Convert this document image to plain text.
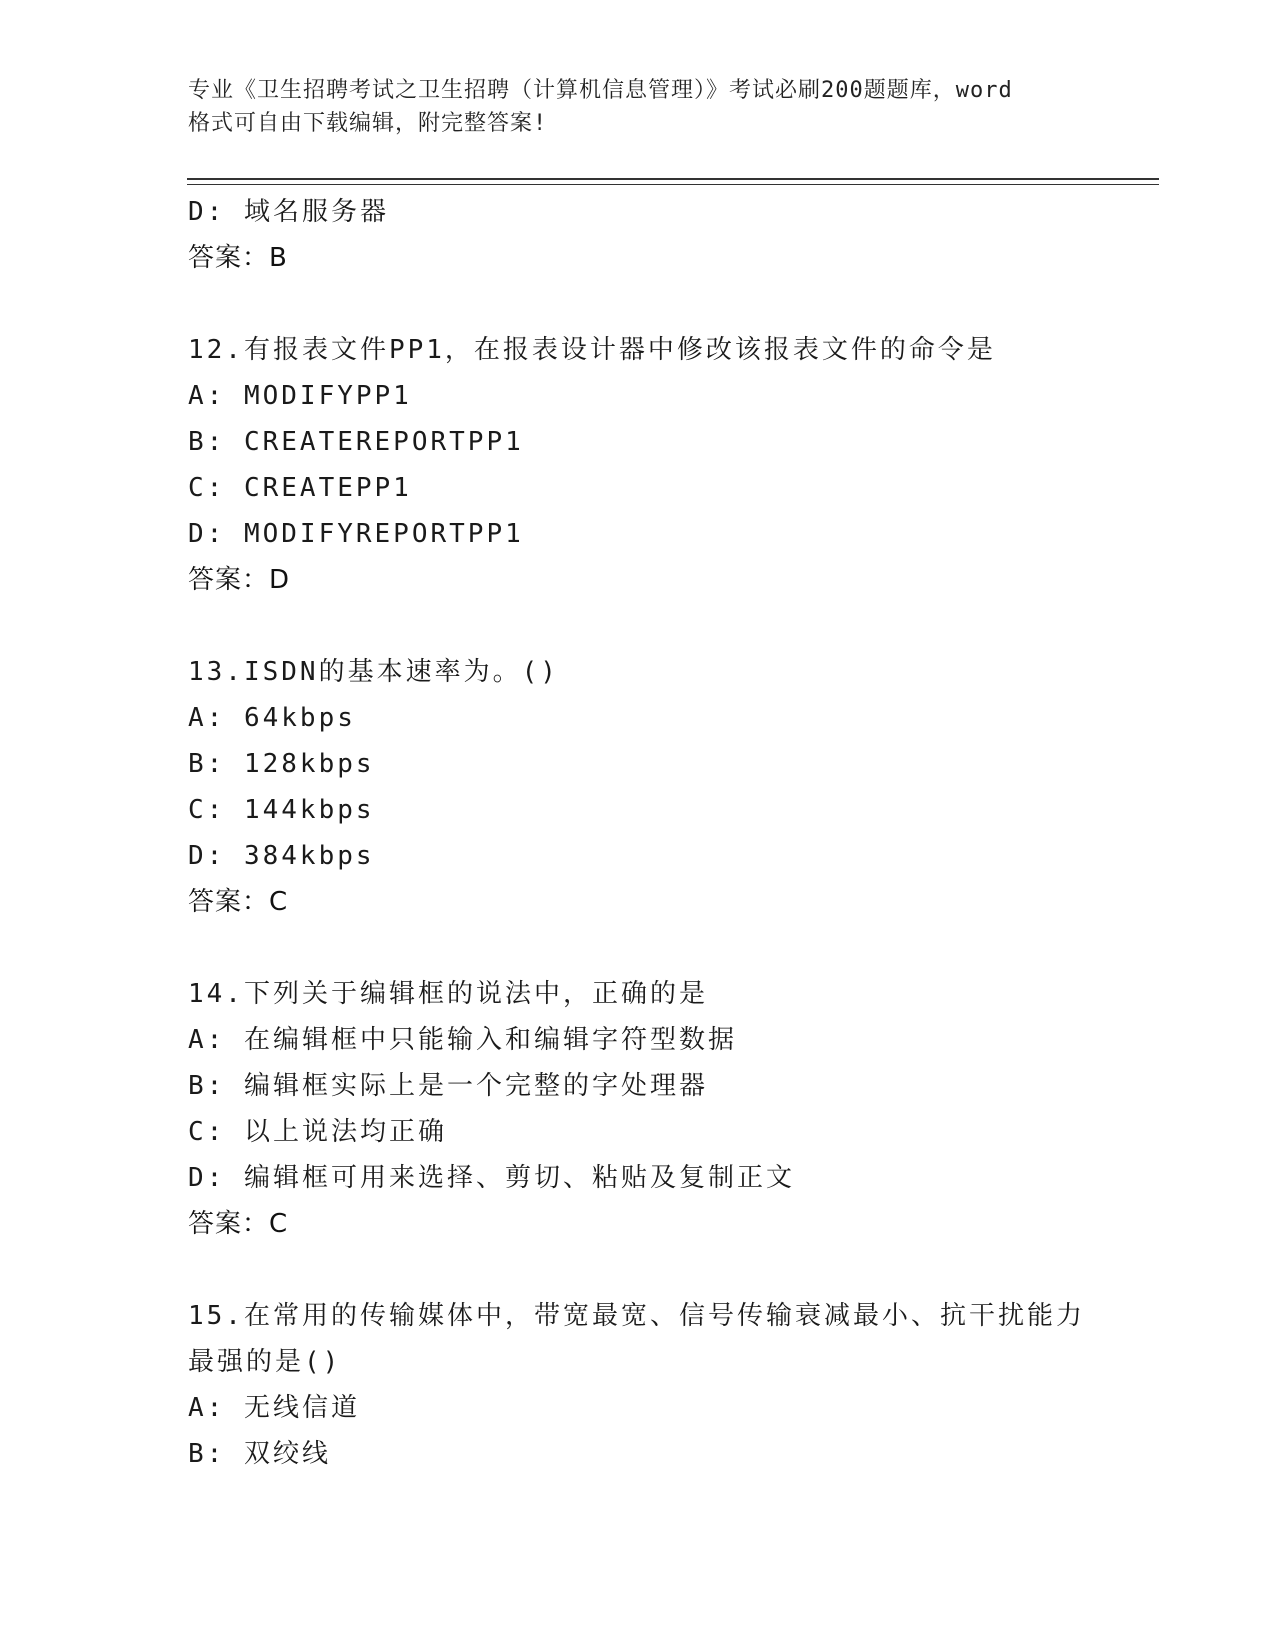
专业《卫生招聘考试之卫生招聘（计算机信息管理）》考试必刷200题题库，word
格式可自由下载编辑，附完整答案!
D: 域名服务器
答案：B
12.有报表文件PP1，在报表设计器中修改该报表文件的命令是
A: MODIFYPP1
B: CREATEREPORTPP1
C: CREATEPP1
D: MODIFYREPORTPP1
答案：D
13.ISDN的基本速率为。()
A: 64kbps
B: 128kbps
C: 144kbps
D: 384kbps
答案：C
14.下列关于编辑框的说法中，正确的是
A: 在编辑框中只能输入和编辑字符型数据
B: 编辑框实际上是一个完整的字处理器
C: 以上说法均正确
D: 编辑框可用来选择、剪切、粘贴及复制正文
答案：C
15.在常用的传输媒体中，带宽最宽、信号传输衰减最小、抗干扰能力
最强的是()
A: 无线信道
B: 双绞线
